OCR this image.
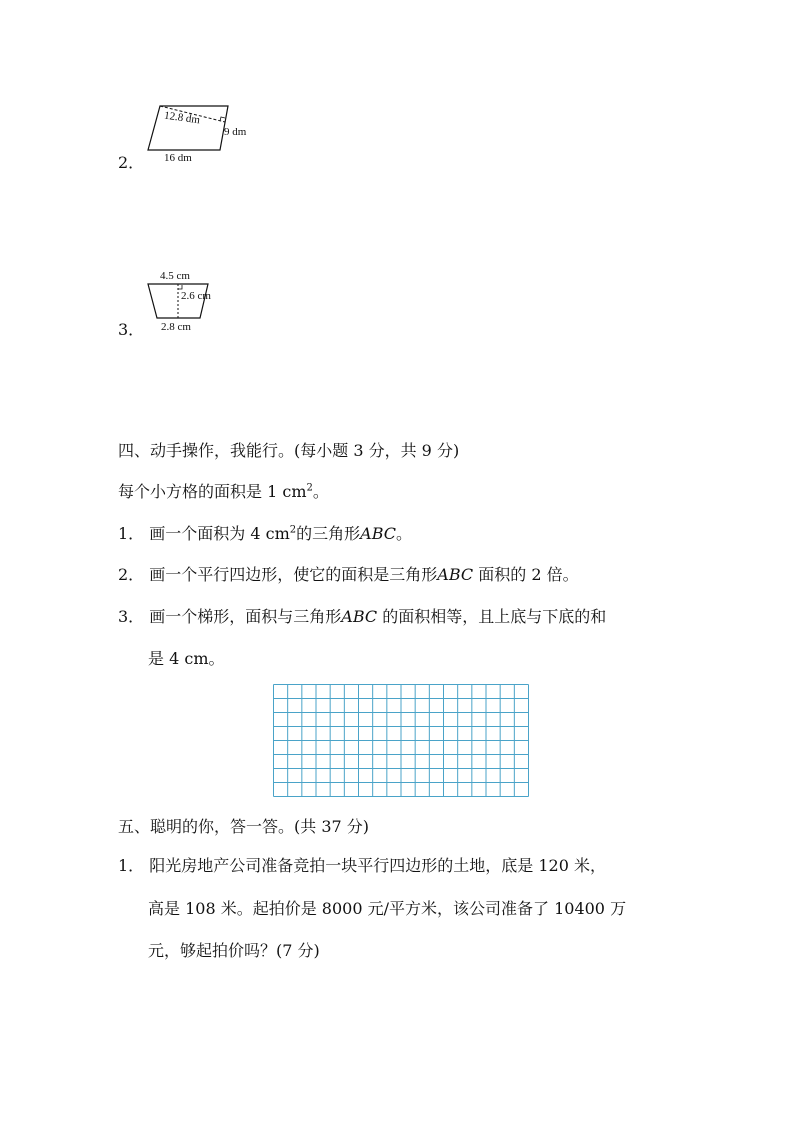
12.8 dm
9 dm
16 dm
2．
4.5 cm
2.6 cm
2.8 cm
3．
四、动手操作，我能行。(每小题 3 分，共 9 分)
每个小方格的面积是 1 $cm^2$。
1． 画一个面积为 4 $cm^2$的三角形ABC。
2． 画一个平行四边形，使它的面积是三角形ABC 面积的 2 倍。
3． 画一个梯形，面积与三角形ABC 的面积相等，且上底与下底的和
是 4 cm。
五、聪明的你，答一答。(共 37 分)
1． 阳光房地产公司准备竞拍一块平行四边形的土地，底是 120 米，
高是 108 米。起拍价是 8000 元/平方米，该公司准备了 10400 万
元，够起拍价吗？(7 分)
